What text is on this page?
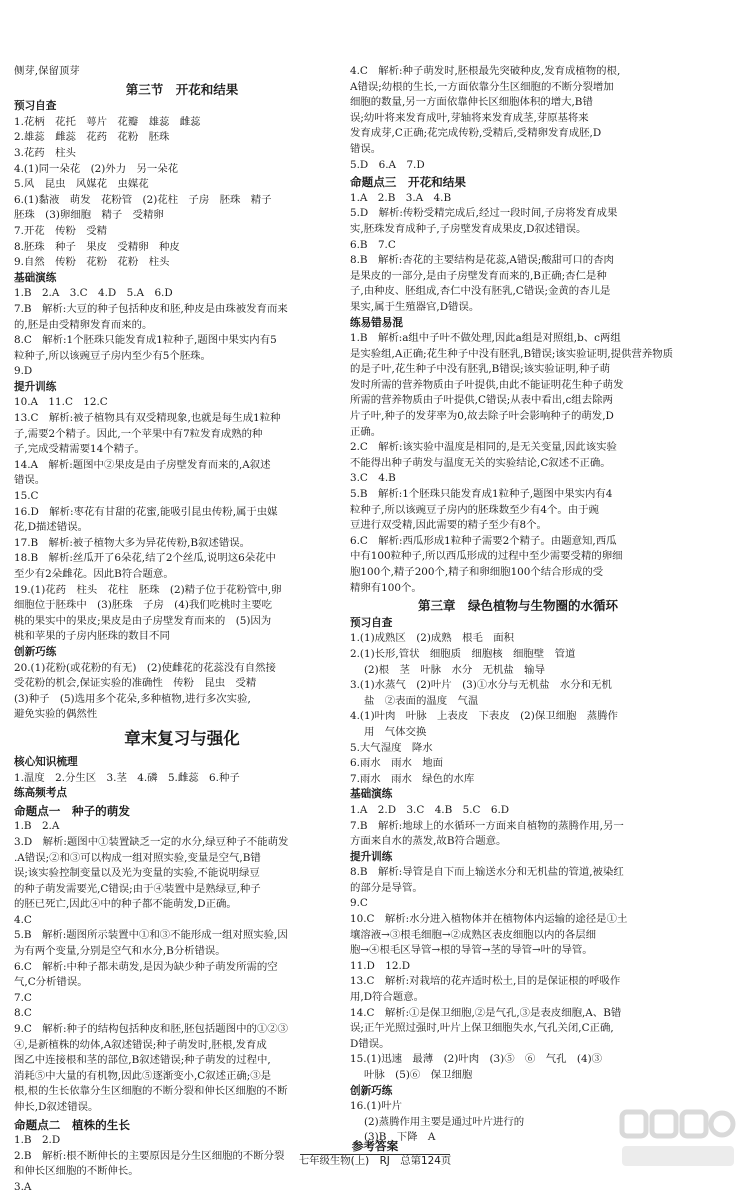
侧芽,保留顶芽
第三节　开花和结果
预习自查
1.花柄　花托　萼片　花瓣　雄蕊　雌蕊
2.雄蕊　雌蕊　花药　花粉　胚珠
3.花药　柱头
4.(1)同一朵花　(2)外力　另一朵花
5.风　昆虫　风媒花　虫媒花
6.(1)黏液　萌发　花粉管　(2)花柱　子房　胚珠　精子
胚珠　(3)卵细胞　精子　受精卵
7.开花　传粉　受精
8.胚珠　种子　果皮　受精卵　种皮
9.自然　传粉　花粉　花粉　柱头
基础演练
1.B　2.A　3.C　4.D　5.A　6.D
7.B　解析:大豆的种子包括种皮和胚,种皮是由珠被发育而来
的,胚是由受精卵发育而来的。
8.C　解析:1个胚珠只能发育成1粒种子,题图中果实内有5
粒种子,所以该豌豆子房内至少有5个胚珠。
9.D
提升训练
10.A　11.C　12.C
13.C　解析:被子植物具有双受精现象,也就是每生成1粒种
子,需要2个精子。因此,一个苹果中有7粒发育成熟的种
子,完成受精需要14个精子。
14.A　解析:题图中②果皮是由子房壁发育而来的,A叙述
错误。
15.C
16.D　解析:枣花有甘甜的花蜜,能吸引昆虫传粉,属于虫媒
花,D描述错误。
17.B　解析:被子植物大多为异花传粉,B叙述错误。
18.B　解析:丝瓜开了6朵花,结了2个丝瓜,说明这6朵花中
至少有2朵雌花。因此B符合题意。
19.(1)花药　柱头　花柱　胚珠　(2)精子位于花粉管中,卵
细胞位于胚珠中　(3)胚珠　子房　(4)我们吃桃时主要吃
桃的果实中的果皮;果皮是由子房壁发育而来的　(5)因为
桃和苹果的子房内胚珠的数目不同
创新巧练
20.(1)花粉(或花粉的有无)　(2)使雌花的花蕊没有自然接
受花粉的机会,保证实验的准确性　传粉　昆虫　受精
(3)种子　(5)选用多个花朵,多种植物,进行多次实验,
避免实验的偶然性
章末复习与强化
核心知识梳理
1.温度　2.分生区　3.茎　4.磷　5.雌蕊　6.种子
练高频考点
命题点一　种子的萌发
1.B　2.A
3.D　解析:题图中①装置缺乏一定的水分,绿豆种子不能萌发
.A错误;②和③可以构成一组对照实验,变量是空气,B错
误;该实验控制变量以及光为变量的实验,不能说明绿豆
的种子萌发需要光,C错误;由于④装置中是熟绿豆,种子
的胚已死亡,因此④中的种子都不能萌发,D正确。
4.C
5.B　解析:题图所示装置中①和③不能形成一组对照实验,因
为有两个变量,分别是空气和水分,B分析错误。
6.C　解析:中种子都未萌发,是因为缺少种子萌发所需的空
气,C分析错误。
7.C
8.C
9.C　解析:种子的结构包括种皮和胚,胚包括题图中的①②③
④,是新植株的幼体,A叙述错误;种子萌发时,胚根,发育成
图乙中连接根和茎的部位,B叙述错误;种子萌发的过程中,
消耗⑤中大量的有机物,因此⑤逐渐变小,C叙述正确;③是
根,根的生长依靠分生区细胞的不断分裂和伸长区细胞的不断
伸长,D叙述错误。
命题点二　植株的生长
1.B　2.D
2.B　解析:根不断伸长的主要原因是分生区细胞的不断分裂
和伸长区细胞的不断伸长。
3.A
4.C　解析:种子萌发时,胚根最先突破种皮,发育成植物的根,
A错误;幼根的生长,一方面依靠分生区细胞的不断分裂增加
细胞的数量,另一方面依靠伸长区细胞体积的增大,B错
误;幼叶将来发育成叶,芽轴将来发育成茎,芽原基将来
发育成芽,C正确;花完成传粉,受精后,受精卵发育成胚,D
错误。
5.D　6.A　7.D
命题点三　开花和结果
1.A　2.B　3.A　4.B
5.D　解析:传粉受精完成后,经过一段时间,子房将发育成果
实,胚珠发育成种子,子房壁发育成果皮,D叙述错误。
6.B　7.C
8.B　解析:杏花的主要结构是花蕊,A错误;酸甜可口的杏肉
是果皮的一部分,是由子房壁发育而来的,B正确;杏仁是种
子,由种皮、胚组成,杏仁中没有胚乳,C错误;金黄的杏儿是
果实,属于生殖器官,D错误。
练易错易混
1.B　解析:a组中子叶不做处理,因此a组是对照组,b、c两组
是实验组,A正确;花生种子中没有胚乳,B错误;该实验证明,提供营养物质
的是子叶,花生种子中没有胚乳,B错误;该实验证明,种子萌
发时所需的营养物质由子叶提供,由此不能证明花生种子萌发
所需的营养物质由子叶提供,C错误;从表中看出,c组去除两
片子叶,种子的发芽率为0,故去除子叶会影响种子的萌发,D
正确。
2.C　解析:该实验中温度是相同的,是无关变量,因此该实验
不能得出种子萌发与温度无关的实验结论,C叙述不正确。
3.C　4.B
5.B　解析:1个胚珠只能发育成1粒种子,题图中果实内有4
粒种子,所以该豌豆子房内的胚珠数至少有4个。由于豌
豆进行双受精,因此需要的精子至少有8个。
6.C　解析:西瓜形成1粒种子需要2个精子。由题意知,西瓜
中有100粒种子,所以西瓜形成的过程中至少需要受精的卵细
胞100个,精子200个,精子和卵细胞100个结合形成的受
精卵有100个。
第三章　绿色植物与生物圈的水循环
预习自查
1.(1)成熟区　(2)成熟　根毛　面积
2.(1)长形,管状　细胞质　细胞核　细胞壁　管道
(2)根　茎　叶脉　水分　无机盐　输导
3.(1)水蒸气　(2)叶片　(3)①水分与无机盐　水分和无机
盐　②表面的温度　气温
4.(1)叶肉　叶脉　上表皮　下表皮　(2)保卫细胞　蒸腾作
用　气体交换
5.大气湿度　降水
6.雨水　雨水　地面
7.雨水　雨水　绿色的水库
基础演练
1.A　2.D　3.C　4.B　5.C　6.D
7.B　解析:地球上的水循环一方面来自植物的蒸腾作用,另一
方面来自水的蒸发,故B符合题意。
提升训练
8.B　解析:导管是自下而上输送水分和无机盐的管道,被染红
的部分是导管。
9.C
10.C　解析:水分进入植物体并在植物体内运输的途径是①土
壤溶液→③根毛细胞→②成熟区表皮细胞以内的各层细
胞→④根毛区导管→根的导管→茎的导管→叶的导管。
11.D　12.D
13.C　解析:对栽培的花卉适时松土,目的是保证根的呼吸作
用,D符合题意。
14.C　解析:①是保卫细胞,②是气孔,③是表皮细胞,A、B错
误;正午光照过强时,叶片上保卫细胞失水,气孔关闭,C正确,
D错误。
15.(1)迅速　最薄　(2)叶肉　(3)⑤　⑥　气孔　(4)③
叶脉　(5)⑥　保卫细胞
创新巧练
16.(1)叶片
(2)蒸腾作用主要是通过叶片进行的
(3)B　下降　A
参考答案
七年级生物(上)　RJ　总第124页
